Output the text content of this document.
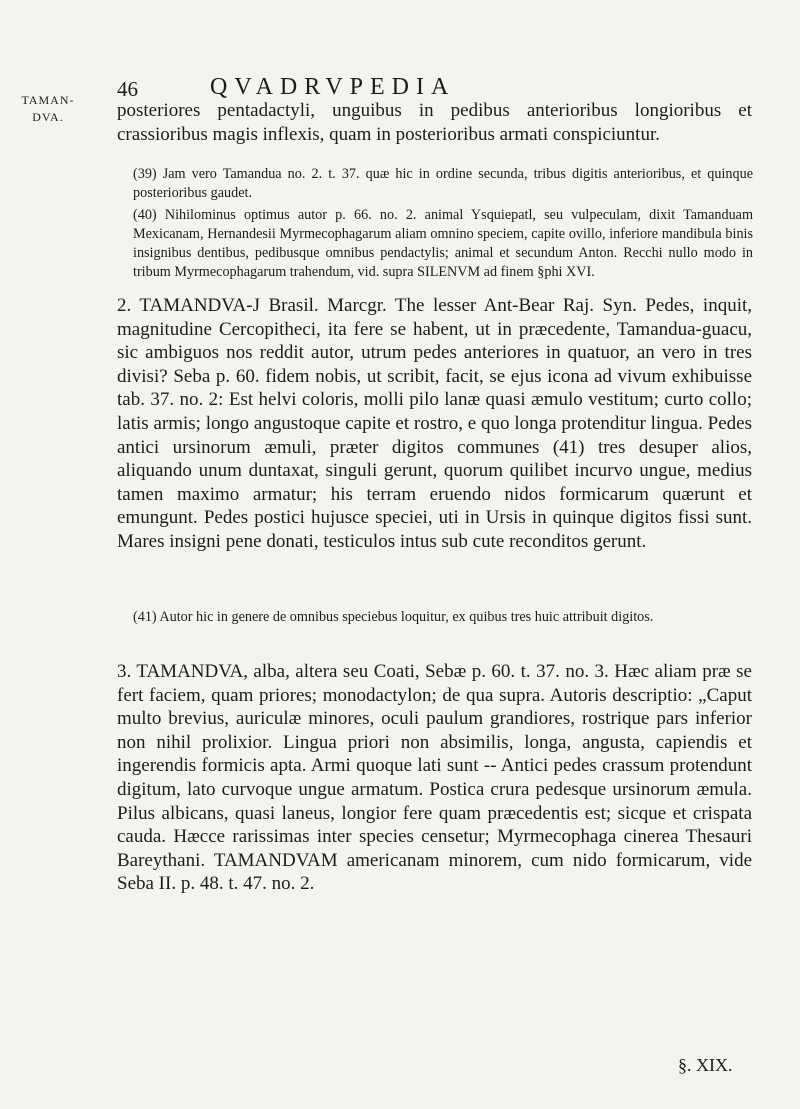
46	QVADRVPEDIA
TAMAN-
DVA.	posteriores pentadactyli, unguibus in pedibus anterioribus longioribus et crassioribus magis inflexis, quam in posterioribus armati conspiciuntur.
(39) Jam vero Tamandua no. 2. t. 37. quæ hic in ordine secunda, tribus digitis anterioribus, et quinque posterioribus gaudet.
(40) Nihilominus optimus autor p. 66. no. 2. animal Ysquiepatl, seu vulpeculam, dixit Tamanduam Mexicanam, Hernandesii Myrmecophagarum aliam omnino speciem, capite ovillo, inferiore mandibula binis insignibus dentibus, pedibusque omnibus pendactylis; animal et secundum Anton. Recchi nullo modo in tribum Myrmecophagarum trahendum, vid. supra SILENVM ad finem §phi XVI.
2. TAMANDVA-J Brasil. Marcgr. The lesser Ant-Bear Raj. Syn. Pedes, inquit, magnitudine Cercopitheci, ita fere se habent, ut in præcedente, Tamandua-guacu, sic ambiguos nos reddit autor, utrum pedes anteriores in quatuor, an vero in tres divisi? Seba p. 60. fidem nobis, ut scribit, facit, se ejus icona ad vivum exhibuisse tab. 37. no. 2: Est helvi coloris, molli pilo lanæ quasi æmulo vestitum; curto collo; latis armis; longo angustoque capite et rostro, e quo longa protenditur lingua. Pedes antici ursinorum æmuli, præter digitos communes (41) tres desuper alios, aliquando unum duntaxat, singuli gerunt, quorum quilibet incurvo ungue, medius tamen maximo armatur; his terram eruendo nidos formicarum quærunt et emungunt. Pedes postici hujusce speciei, uti in Ursis in quinque digitos fissi sunt. Mares insigni pene donati, testiculos intus sub cute reconditos gerunt.
(41) Autor hic in genere de omnibus speciebus loquitur, ex quibus tres huic attribuit digitos.
3. TAMANDVA, alba, altera seu Coati, Sebæ p. 60. t. 37. no. 3. Hæc aliam præ se fert faciem, quam priores; monodactylon; de qua supra. Autoris descriptio: „Caput multo brevius, auriculæ minores, oculi paulum grandiores, rostrique pars inferior non nihil prolixior. Lingua priori non absimilis, longa, angusta, capiendis et ingerendis formicis apta. Armi quoque lati sunt -- Antici pedes crassum protendunt digitum, lato curvoque ungue armatum. Postica crura pedesque ursinorum æmula. Pilus albicans, quasi laneus, longior fere quam præcedentis est; sicque et crispata cauda. Hæcce rarissimas inter species censetur; Myrmecophaga cinerea Thesauri Bareythani. TAMANDVAM americanam minorem, cum nido formicarum, vide Seba II. p. 48. t. 47. no. 2.
§. XIX.
